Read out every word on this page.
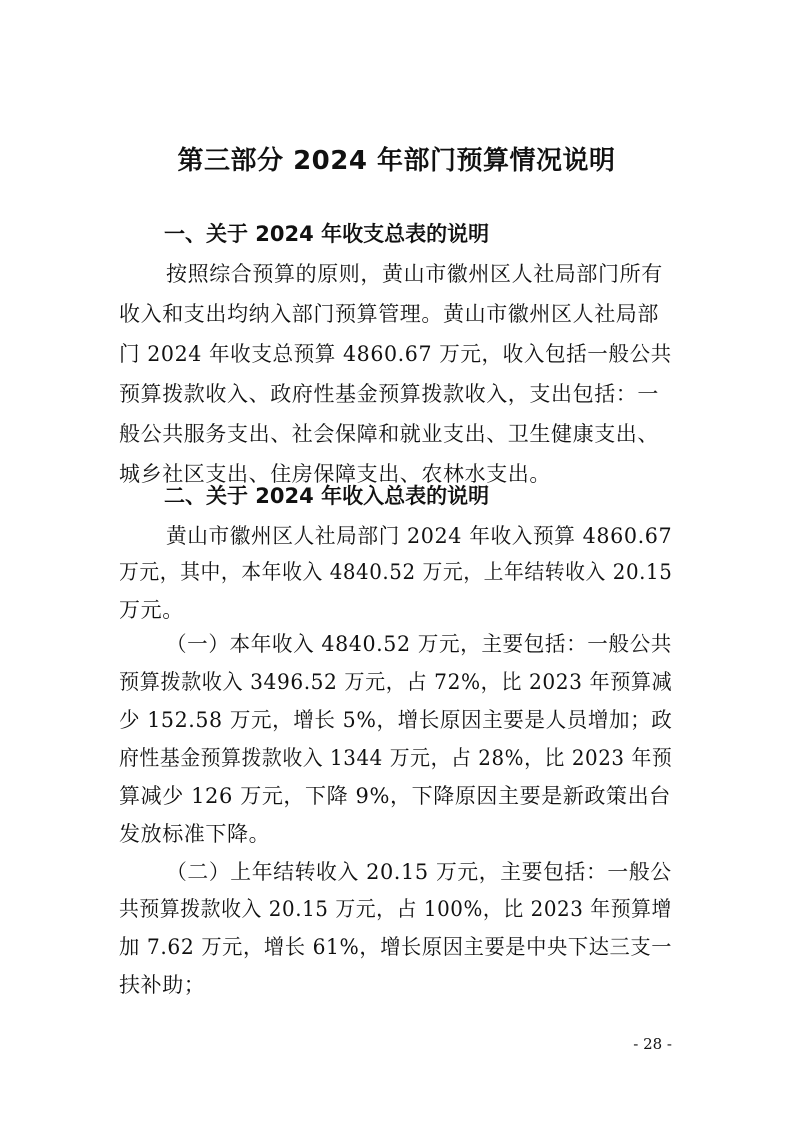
第三部分 2024 年部门预算情况说明
一、关于 2024 年收支总表的说明
按照综合预算的原则，黄山市徽州区人社局部门所有
收入和支出均纳入部门预算管理。黄山市徽州区人社局部
门 2024 年收支总预算 4860.67 万元，收入包括一般公共
预算拨款收入、政府性基金预算拨款收入，支出包括：一
般公共服务支出、社会保障和就业支出、卫生健康支出、
城乡社区支出、住房保障支出、农林水支出。
二、关于 2024 年收入总表的说明
黄山市徽州区人社局部门 2024 年收入预算 4860.67
万元，其中，本年收入 4840.52 万元，上年结转收入 20.15
万元。
（一）本年收入 4840.52 万元，主要包括：一般公共
预算拨款收入 3496.52 万元，占 72%，比 2023 年预算减
少 152.58 万元，增长 5%，增长原因主要是人员增加；政
府性基金预算拨款收入 1344 万元，占 28%，比 2023 年预
算减少 126 万元，下降 9%，下降原因主要是新政策出台
发放标准下降。
（二）上年结转收入 20.15 万元，主要包括：一般公
共预算拨款收入 20.15 万元，占 100%，比 2023 年预算增
加 7.62 万元，增长 61%，增长原因主要是中央下达三支一
扶补助；
- 28 -
